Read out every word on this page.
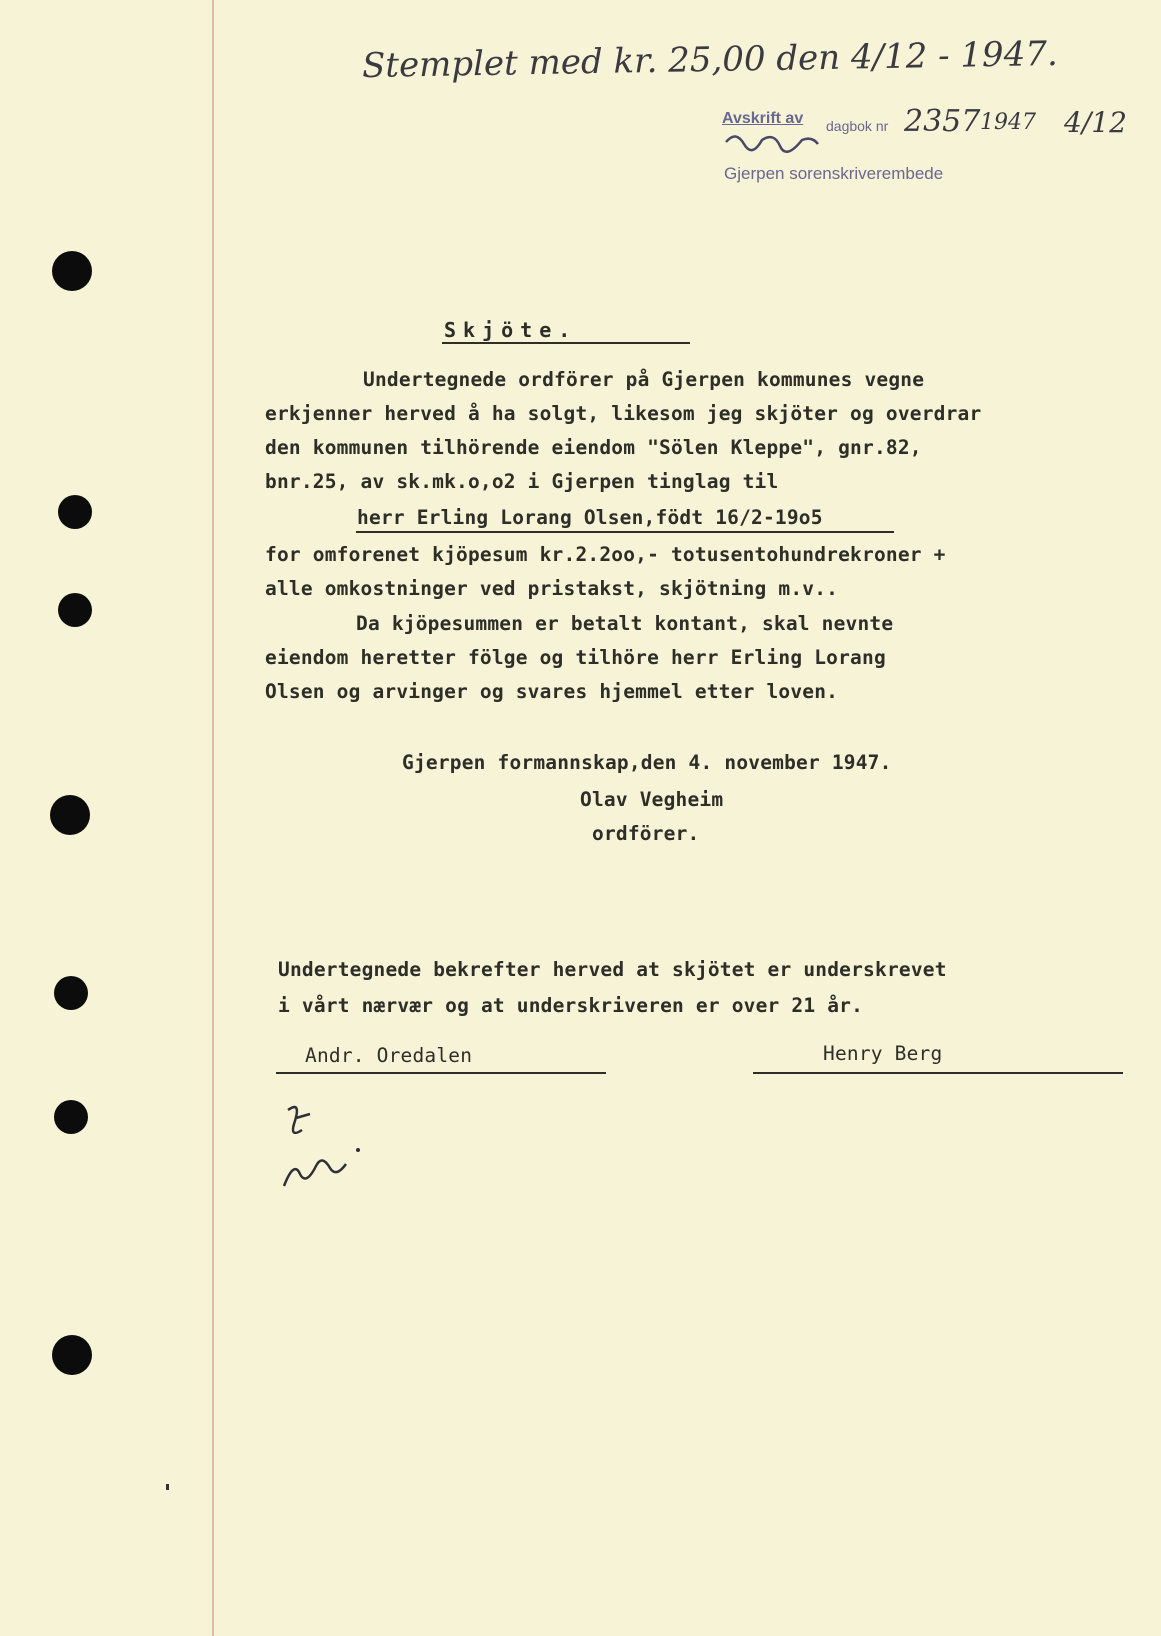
Stemplet med kr. 25,00 den 4/12 - 1947.
Avskrift av dagbok nr 2357 1947 4/12
Gjerpen sorenskriverembede
Skjöte.
Undertegnede ordförer på Gjerpen kommunes vegne
erkjenner herved å ha solgt, likesom jeg skjöter og overdrar
den kommunen tilhörende eiendom "Sölen Kleppe", gnr.82,
bnr.25, av sk.mk.o,o2 i Gjerpen tinglag til
herr Erling Lorang Olsen,födt 16/2-19o5
for omforenet kjöpesum kr.2.2oo,- totusentohundrekroner +
alle omkostninger ved pristakst, skjötning m.v..
Da kjöpesummen er betalt kontant, skal nevnte
eiendom heretter fölge og tilhöre herr Erling Lorang
Olsen og arvinger og svares hjemmel etter loven.
Gjerpen formannskap,den 4. november 1947.
Olav Vegheim
ordförer.
Undertegnede bekrefter herved at skjötet er underskrevet
i vårt nærvær og at underskriveren er over 21 år.
Andr. Oredalen	Henry Berg
